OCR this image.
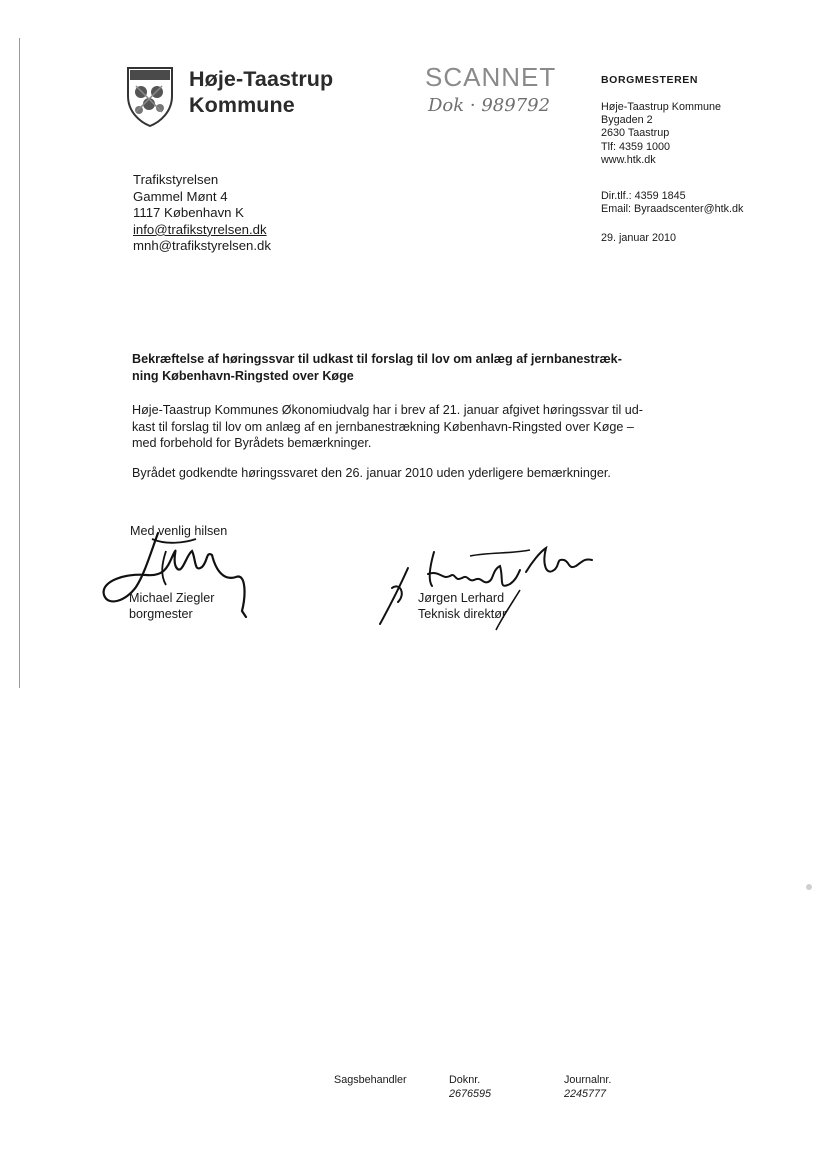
Høje-Taastrup
Kommune
SCANNET
Dok · 989792
BORGMESTEREN
Høje-Taastrup Kommune
Bygaden 2
2630 Taastrup
Tlf: 4359 1000
www.htk.dk
Dir.tlf.: 4359 1845
Email: Byraadscenter@htk.dk
29. januar 2010
Trafikstyrelsen
Gammel Mønt 4
1117 København K
info@trafikstyrelsen.dk
mnh@trafikstyrelsen.dk
Bekræftelse af høringssvar til udkast til forslag til lov om anlæg af jernbanestræk-
ning København-Ringsted over Køge
Høje-Taastrup Kommunes Økonomiudvalg har i brev af 21. januar afgivet høringssvar til ud-
kast til forslag til lov om anlæg af en jernbanestrækning København-Ringsted over Køge –
med forbehold for Byrådets bemærkninger.
Byrådet godkendte høringssvaret den 26. januar 2010 uden yderligere bemærkninger.
Med venlig hilsen
Michael Ziegler
borgmester
Jørgen Lerhard
Teknisk direktør
Sagsbehandler	Doknr.
2676595
Journalnr.
2245777
